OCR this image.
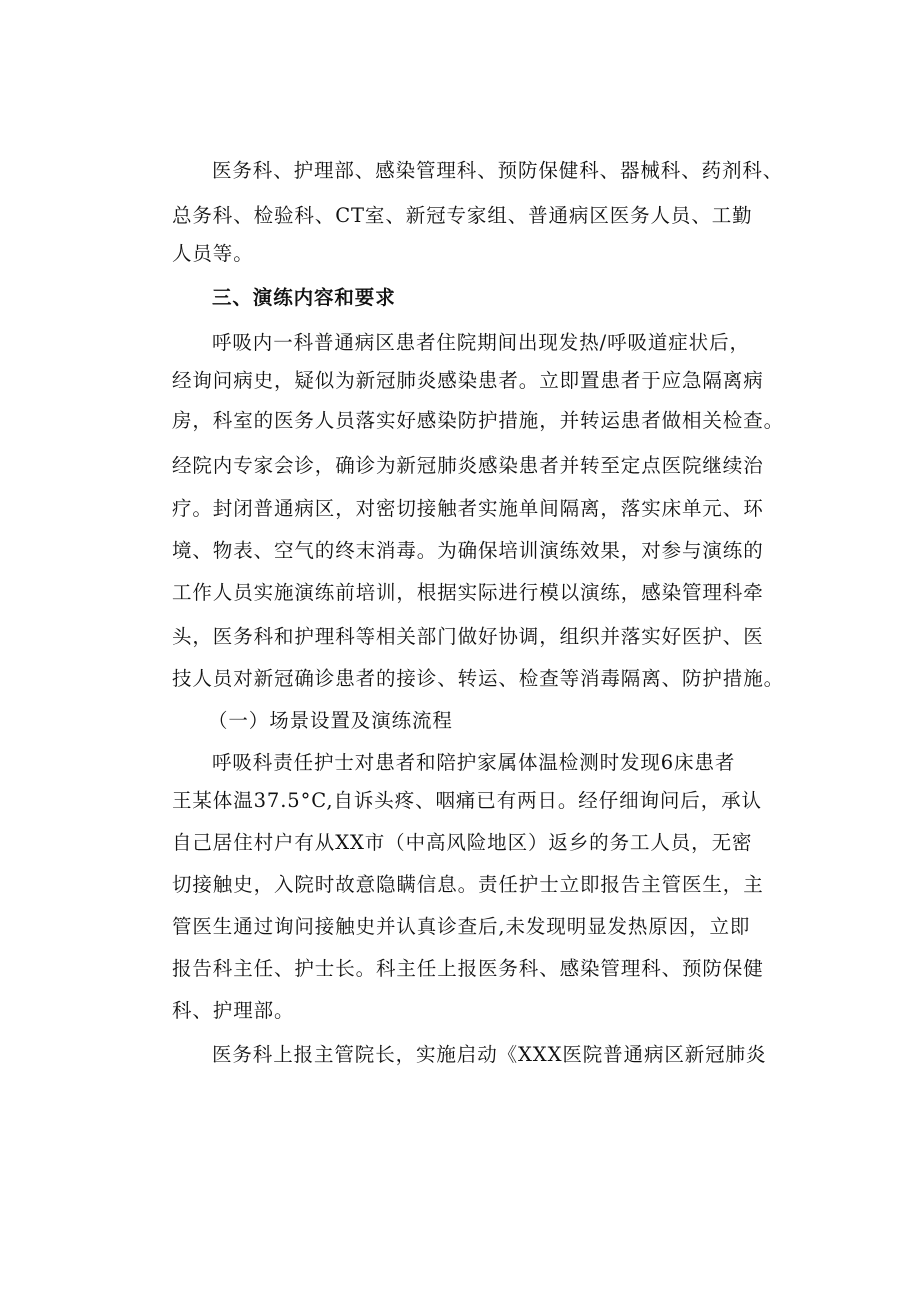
医务科、护理部、感染管理科、预防保健科、器械科、药剂科、
总务科、检验科、CT室、新冠专家组、普通病区医务人员、工勤
人员等。
三、演练内容和要求
呼吸内一科普通病区患者住院期间出现发热/呼吸道症状后，
经询问病史，疑似为新冠肺炎感染患者。立即置患者于应急隔离病
房，科室的医务人员落实好感染防护措施，并转运患者做相关检查。
经院内专家会诊，确诊为新冠肺炎感染患者并转至定点医院继续治
疗。封闭普通病区，对密切接触者实施单间隔离，落实床单元、环
境、物表、空气的终末消毒。为确保培训演练效果，对参与演练的
工作人员实施演练前培训，根据实际进行模以演练，感染管理科牵
头，医务科和护理科等相关部门做好协调，组织并落实好医护、医
技人员对新冠确诊患者的接诊、转运、检查等消毒隔离、防护措施。
（一）场景设置及演练流程
呼吸科责任护士对患者和陪护家属体温检测时发现6床患者
王某体温37.5°C,自诉头疼、咽痛已有两日。经仔细询问后，承认
自己居住村户有从XX市（中高风险地区）返乡的务工人员，无密
切接触史，入院时故意隐瞒信息。责任护士立即报告主管医生，主
管医生通过询问接触史并认真诊查后,未发现明显发热原因，立即
报告科主任、护士长。科主任上报医务科、感染管理科、预防保健
科、护理部。
医务科上报主管院长，实施启动《XXX医院普通病区新冠肺炎
